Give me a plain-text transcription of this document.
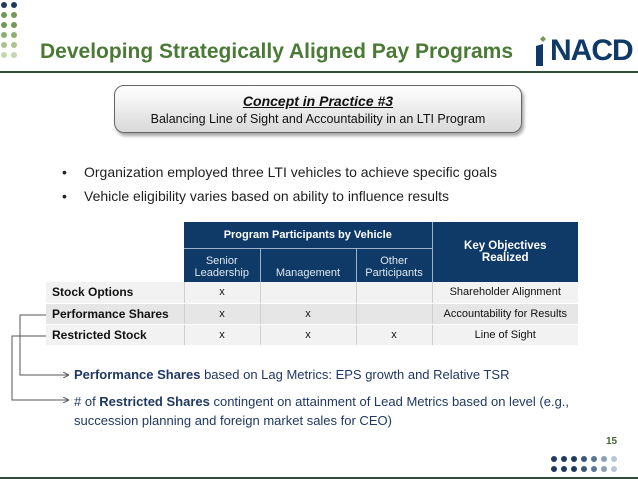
Developing Strategically Aligned Pay Programs NACD
Concept in Practice #3
Balancing Line of Sight and Accountability in an LTI Program
•	Organization employed three LTI vehicles to achieve specific goals
•	Vehicle eligibility varies based on ability to influence results
	Program Participants by Vehicle			Key Objectives Realized
	Senior Leadership	Management	Other Participants	
Stock Options	x			Shareholder Alignment
Performance Shares	x	x		Accountability for Results
Restricted Stock	x	x	x	Line of Sight
Performance Shares based on Lag Metrics: EPS growth and Relative TSR
# of Restricted Shares contingent on attainment of Lead Metrics based on level (e.g., succession planning and foreign market sales for CEO)
15
